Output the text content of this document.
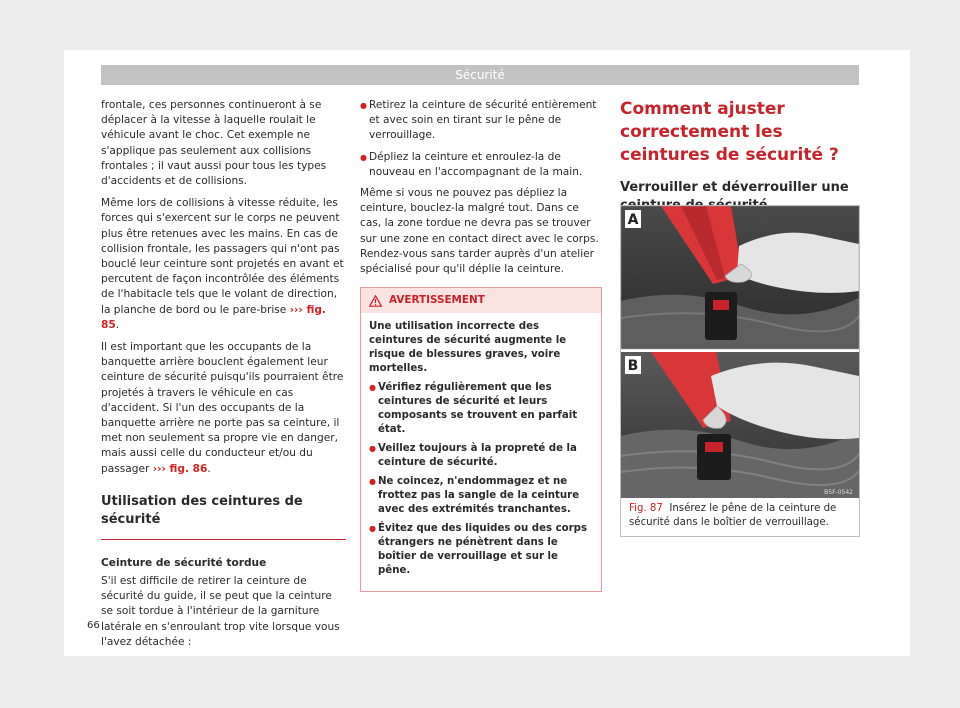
Sécurité

frontale, ces personnes continueront à se déplacer à la vitesse à laquelle roulait le véhicule avant le choc. Cet exemple ne s'applique pas seulement aux collisions frontales ; il vaut aussi pour tous les types d'accidents et de collisions.

Même lors de collisions à vitesse réduite, les forces qui s'exercent sur le corps ne peuvent plus être retenues avec les mains. En cas de collision frontale, les passagers qui n'ont pas bouclé leur ceinture sont projetés en avant et percutent de façon incontrôlée des éléments de l'habitacle tels que le volant de direction, la planche de bord ou le pare-brise ››› fig. 85.

Il est important que les occupants de la banquette arrière bouclent également leur ceinture de sécurité puisqu'ils pourraient être projetés à travers le véhicule en cas d'accident. Si l'un des occupants de la banquette arrière ne porte pas sa ceinture, il met non seulement sa propre vie en danger, mais aussi celle du conducteur et/ou du passager ››› fig. 86.

Utilisation des ceintures de sécurité

Ceinture de sécurité tordue

S'il est difficile de retirer la ceinture de sécurité du guide, il se peut que la ceinture se soit tordue à l'intérieur de la garniture latérale en s'enroulant trop vite lorsque vous l'avez détachée :

● Retirez la ceinture de sécurité entièrement et avec soin en tirant sur le pêne de verrouillage.

● Dépliez la ceinture et enroulez-la de nouveau en l'accompagnant de la main.

Même si vous ne pouvez pas dépliez la ceinture, bouclez-la malgré tout. Dans ce cas, la zone tordue ne devra pas se trouver sur une zone en contact direct avec le corps. Rendez-vous sans tarder auprès d'un atelier spécialisé pour qu'il déplie la ceinture.

AVERTISSEMENT

Une utilisation incorrecte des ceintures de sécurité augmente le risque de blessures graves, voire mortelles.

● Vérifiez régulièrement que les ceintures de sécurité et leurs composants se trouvent en parfait état.

● Veillez toujours à la propreté de la ceinture de sécurité.

● Ne coincez, n'endommagez et ne frottez pas la sangle de la ceinture avec des extrémités tranchantes.

● Évitez que des liquides ou des corps étrangers ne pénètrent dans le boîtier de verrouillage et sur le pêne.

Comment ajuster correctement les ceintures de sécurité ?
Verrouiller et déverrouiller une
A
B
B5F-0542
Fig. 87 Insérez le pêne de la ceinture de sécurité dans le boîtier de verrouillage.
66
